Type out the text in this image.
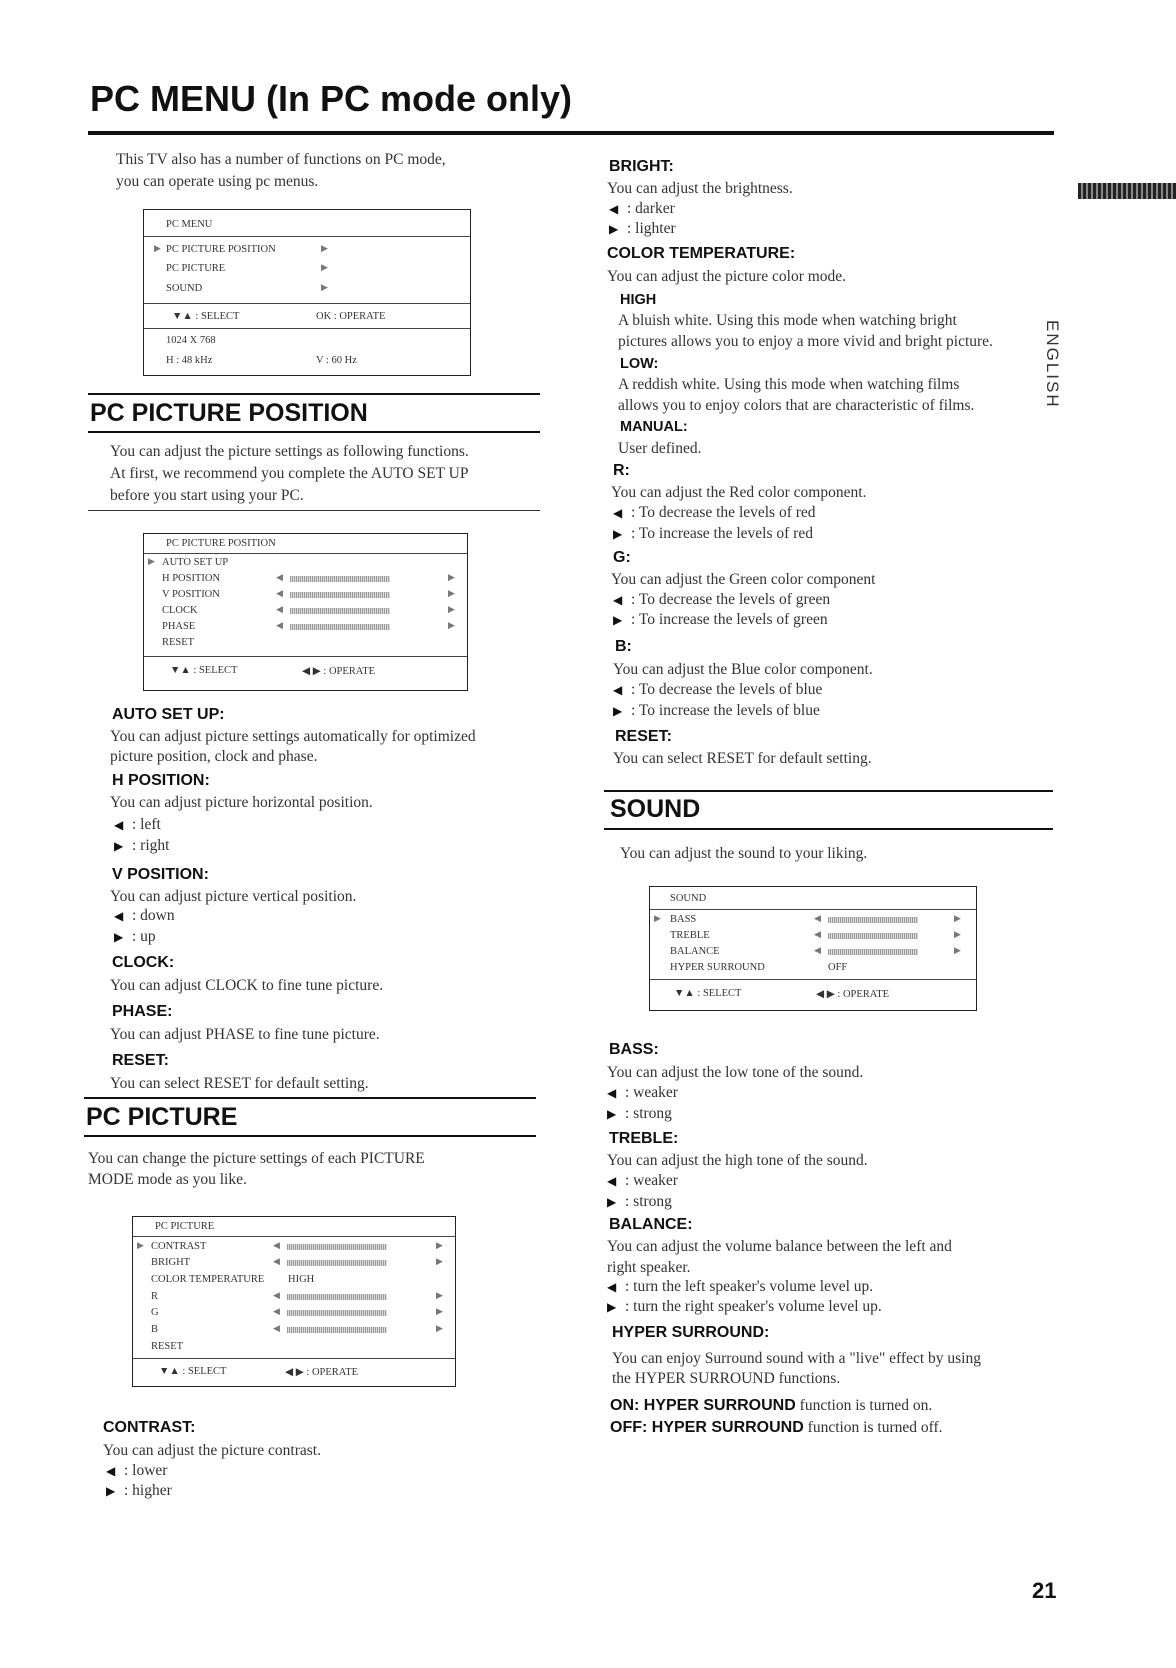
PC MENU (In PC mode only)
This TV also has a number of functions on PC mode,
you can operate using pc menus.
PC MENU
▶ PC PICTURE POSITION	▶
PC PICTURE	▶
SOUND	▶
▼▲ : SELECT	OK : OPERATE
1024 X 768
H : 48 kHz	V : 60 Hz
PC PICTURE POSITION
You can adjust the picture settings as following functions.
At first, we recommend you complete the AUTO SET UP
before you start using your PC.
PC PICTURE POSITION
▶ AUTO SET UP
H POSITION	◀	▶
V POSITION	◀	▶
CLOCK	◀	▶
PHASE	◀	▶
RESET
▼▲ : SELECT	◀ ▶ : OPERATE
AUTO SET UP:
You can adjust picture settings automatically for optimized
picture position, clock and phase.
H POSITION:
You can adjust picture horizontal position.
◀ : left
▶ : right
V POSITION:
You can adjust picture vertical position.
◀ : down
▶ : up
CLOCK:
You can adjust CLOCK to fine tune picture.
PHASE:
You can adjust PHASE to fine tune picture.
RESET:
You can select RESET for default setting.
PC PICTURE
You can change the picture settings of each PICTURE
MODE mode as you like.
PC PICTURE
▶ CONTRAST	◀	▶
BRIGHT	◀	▶
COLOR TEMPERATURE HIGH
R	◀	▶
G	◀	▶
B	◀	▶
RESET
▼▲ : SELECT	◀ ▶ : OPERATE
CONTRAST:
You can adjust the picture contrast.
◀ : lower
▶ : higher
BRIGHT:
You can adjust the brightness.
◀ : darker
▶ : lighter
COLOR TEMPERATURE:
You can adjust the picture color mode.
HIGH
A bluish white. Using this mode when watching bright
pictures allows you to enjoy a more vivid and bright picture.
LOW:
A reddish white. Using this mode when watching films
allows you to enjoy colors that are characteristic of films.
MANUAL:
User defined.
R:
You can adjust the Red color component.
◀ : To decrease the levels of red
▶ : To increase the levels of red
G:
You can adjust the Green color component
◀ : To decrease the levels of green
▶ : To increase the levels of green
B:
You can adjust the Blue color component.
◀ : To decrease the levels of blue
▶ : To increase the levels of blue
RESET:
You can select RESET for default setting.
SOUND
You can adjust the sound to your liking.
SOUND
▶ BASS	◀	▶
TREBLE	◀	▶
BALANCE	◀	▶
HYPER SURROUND	OFF
▼▲ : SELECT	◀ ▶ : OPERATE
BASS:
You can adjust the low tone of the sound.
◀ : weaker
▶ : strong
TREBLE:
You can adjust the high tone of the sound.
◀ : weaker
▶ : strong
BALANCE:
You can adjust the volume balance between the left and
right speaker.
◀ : turn the left speaker's volume level up.
▶ : turn the right speaker's volume level up.
HYPER SURROUND:
You can enjoy Surround sound with a "live" effect by using
the HYPER SURROUND functions.
ON: HYPER SURROUND function is turned on.
OFF: HYPER SURROUND function is turned off.
ENGLISH
21
